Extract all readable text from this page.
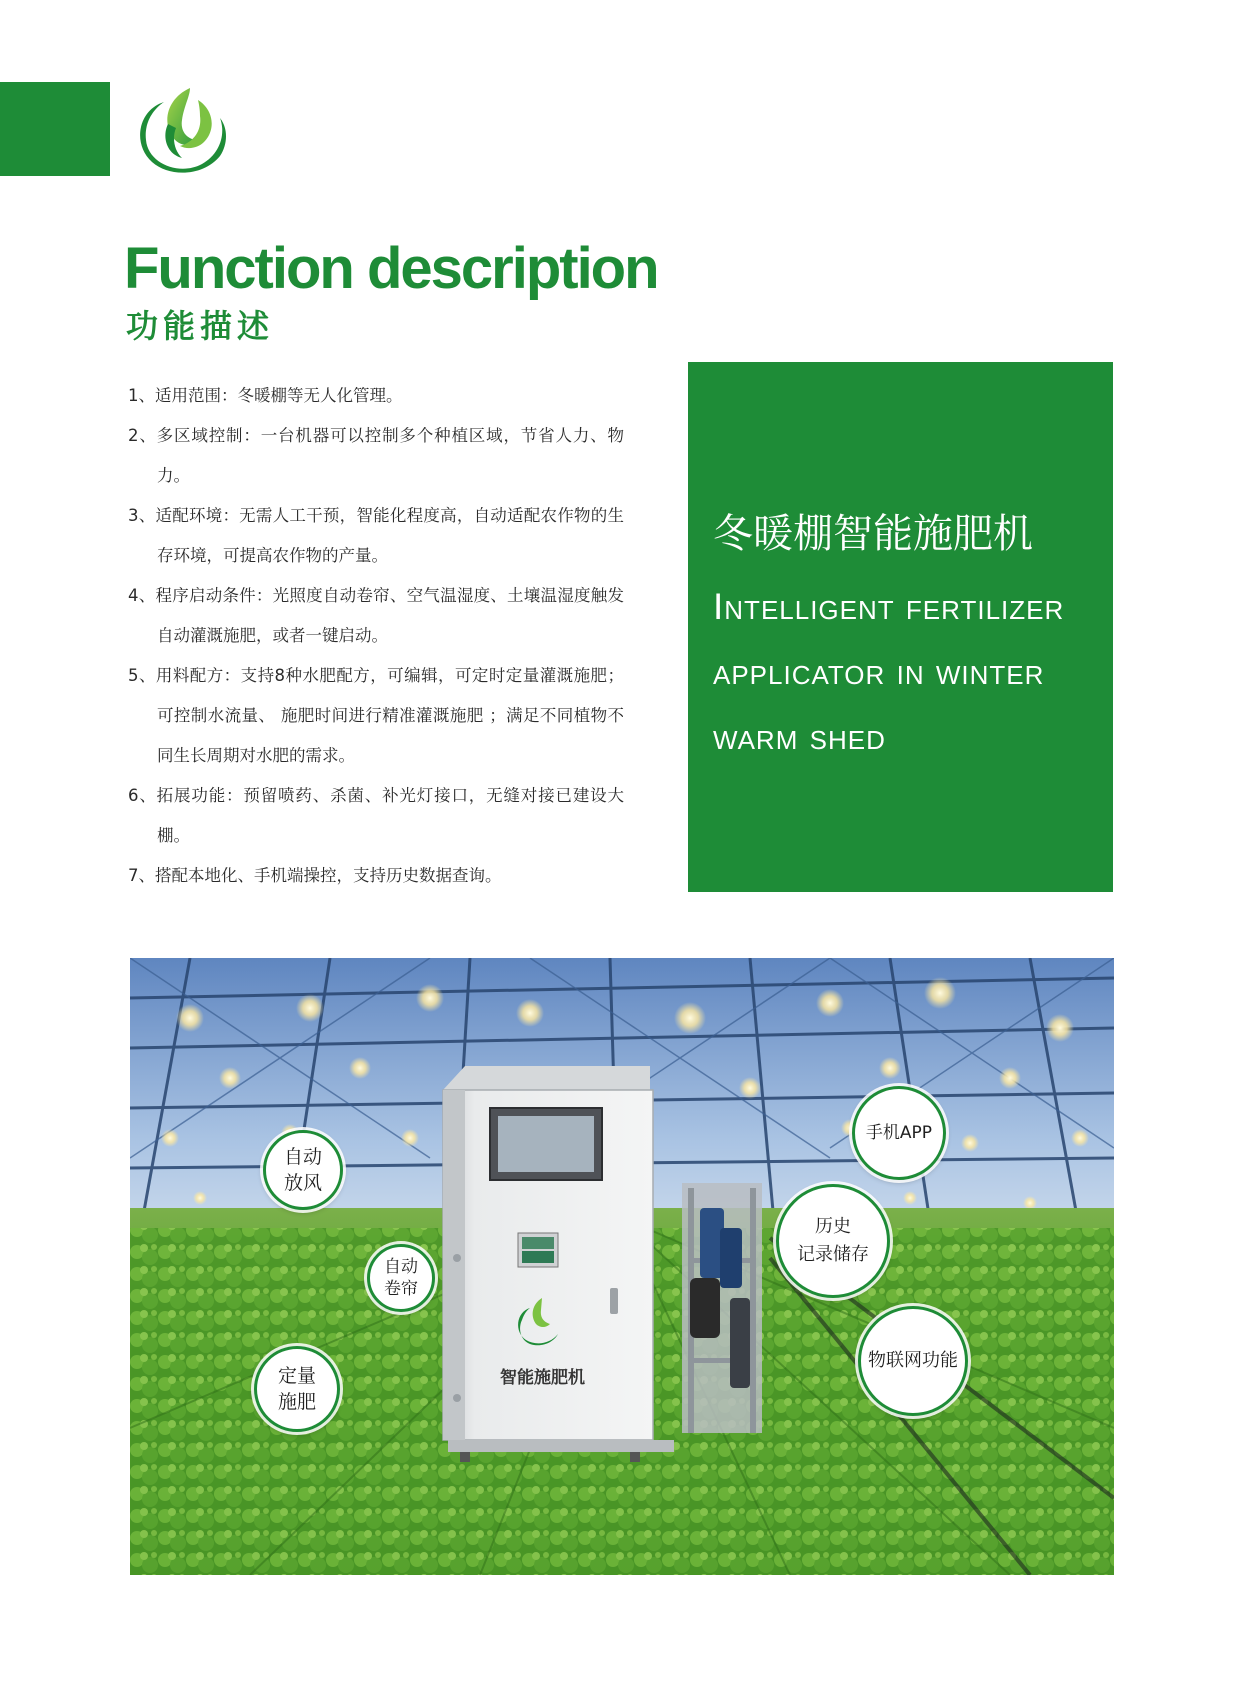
Function description
功能描述
1、适用范围：冬暖棚等无人化管理。
2、多区域控制：一台机器可以控制多个种植区域，节省人力、物力。
3、适配环境：无需人工干预，智能化程度高，自动适配农作物的生存环境，可提高农作物的产量。
4、程序启动条件：光照度自动卷帘、空气温湿度、土壤温湿度触发自动灌溉施肥，或者一键启动。
5、用料配方：支持8种水肥配方，可编辑，可定时定量灌溉施肥；可控制水流量、 施肥时间进行精准灌溉施肥 ；满足不同植物不同生长周期对水肥的需求。
6、拓展功能：预留喷药、杀菌、补光灯接口，无缝对接已建设大棚。
7、搭配本地化、手机端操控，支持历史数据查询。

冬暖棚智能施肥机

Intelligent fertilizer applicator in winter warm shed

智能施肥机
自动
放风
自动
卷帘
定量
施肥
手机APP
历史
记录储存
物联网功能
